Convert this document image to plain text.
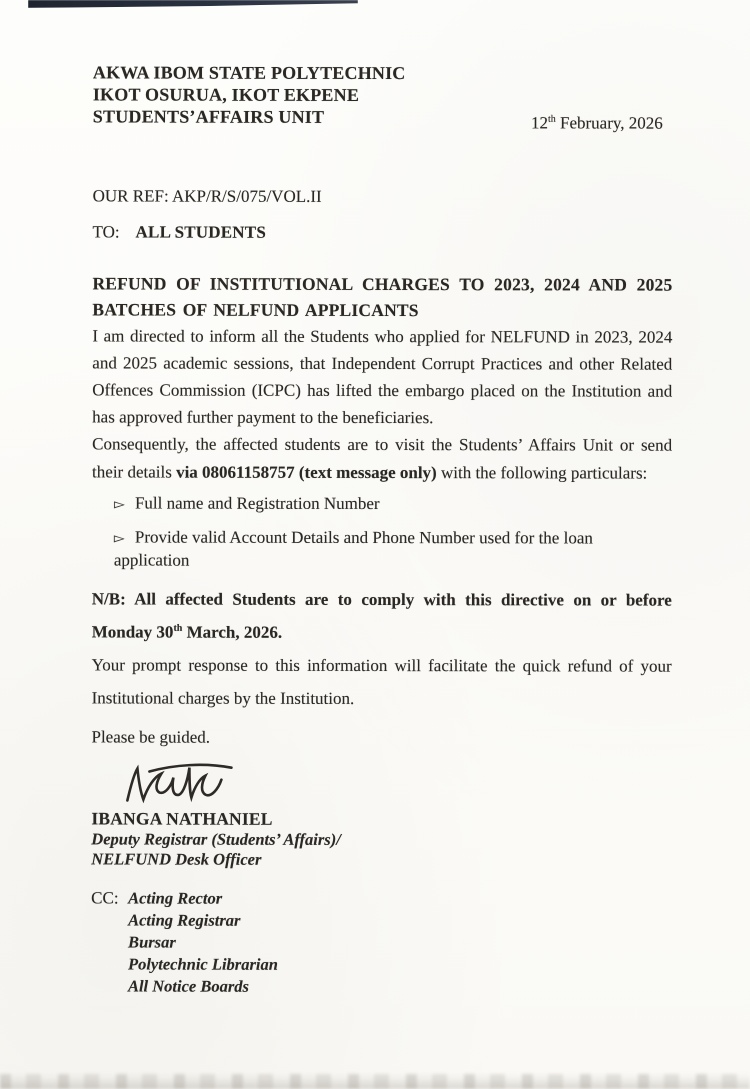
AKWA IBOM STATE POLYTECHNIC
IKOT OSURUA, IKOT EKPENE
STUDENTS’AFFAIRS UNIT	12th February, 2026
OUR REF: AKP/R/S/075/VOL.II
TO: ALL STUDENTS
REFUND OF INSTITUTIONAL CHARGES TO 2023, 2024 AND 2025 BATCHES OF NELFUND APPLICANTS

I am directed to inform all the Students who applied for NELFUND in 2023, 2024 and 2025 academic sessions, that Independent Corrupt Practices and other Related Offences Commission (ICPC) has lifted the embargo placed on the Institution and has approved further payment to the beneficiaries.

Consequently, the affected students are to visit the Students’ Affairs Unit or send their details via 08061158757 (text message only) with the following particulars:

▻ Full name and Registration Number
▻ Provide valid Account Details and Phone Number used for the loan application

N/B: All affected Students are to comply with this directive on or before Monday 30th March, 2026.

Your prompt response to this information will facilitate the quick refund of your Institutional charges by the Institution.

Please be guided.
IBANGA NATHANIEL
Deputy Registrar (Students’ Affairs)/
NELFUND Desk Officer
CC: Acting Rector
Acting Registrar
Bursar
Polytechnic Librarian
All Notice Boards
